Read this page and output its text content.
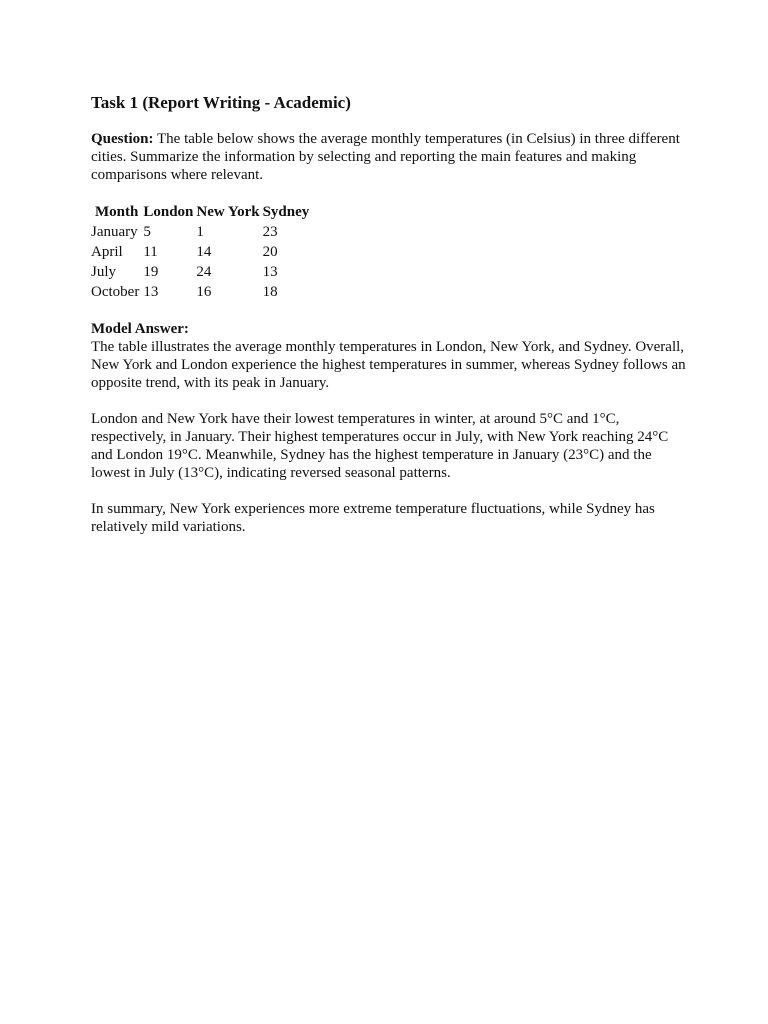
Task 1 (Report Writing - Academic)
Question: The table below shows the average monthly temperatures (in Celsius) in three different cities. Summarize the information by selecting and reporting the main features and making comparisons where relevant.
Month	London	New York	Sydney
January	5	1	23
April	11	14	20
July	19	24	13
October	13	16	18
Model Answer:

The table illustrates the average monthly temperatures in London, New York, and Sydney. Overall, New York and London experience the highest temperatures in summer, whereas Sydney follows an opposite trend, with its peak in January.

London and New York have their lowest temperatures in winter, at around 5°C and 1°C, respectively, in January. Their highest temperatures occur in July, with New York reaching 24°C and London 19°C. Meanwhile, Sydney has the highest temperature in January (23°C) and the lowest in July (13°C), indicating reversed seasonal patterns.

In summary, New York experiences more extreme temperature fluctuations, while Sydney has relatively mild variations.
